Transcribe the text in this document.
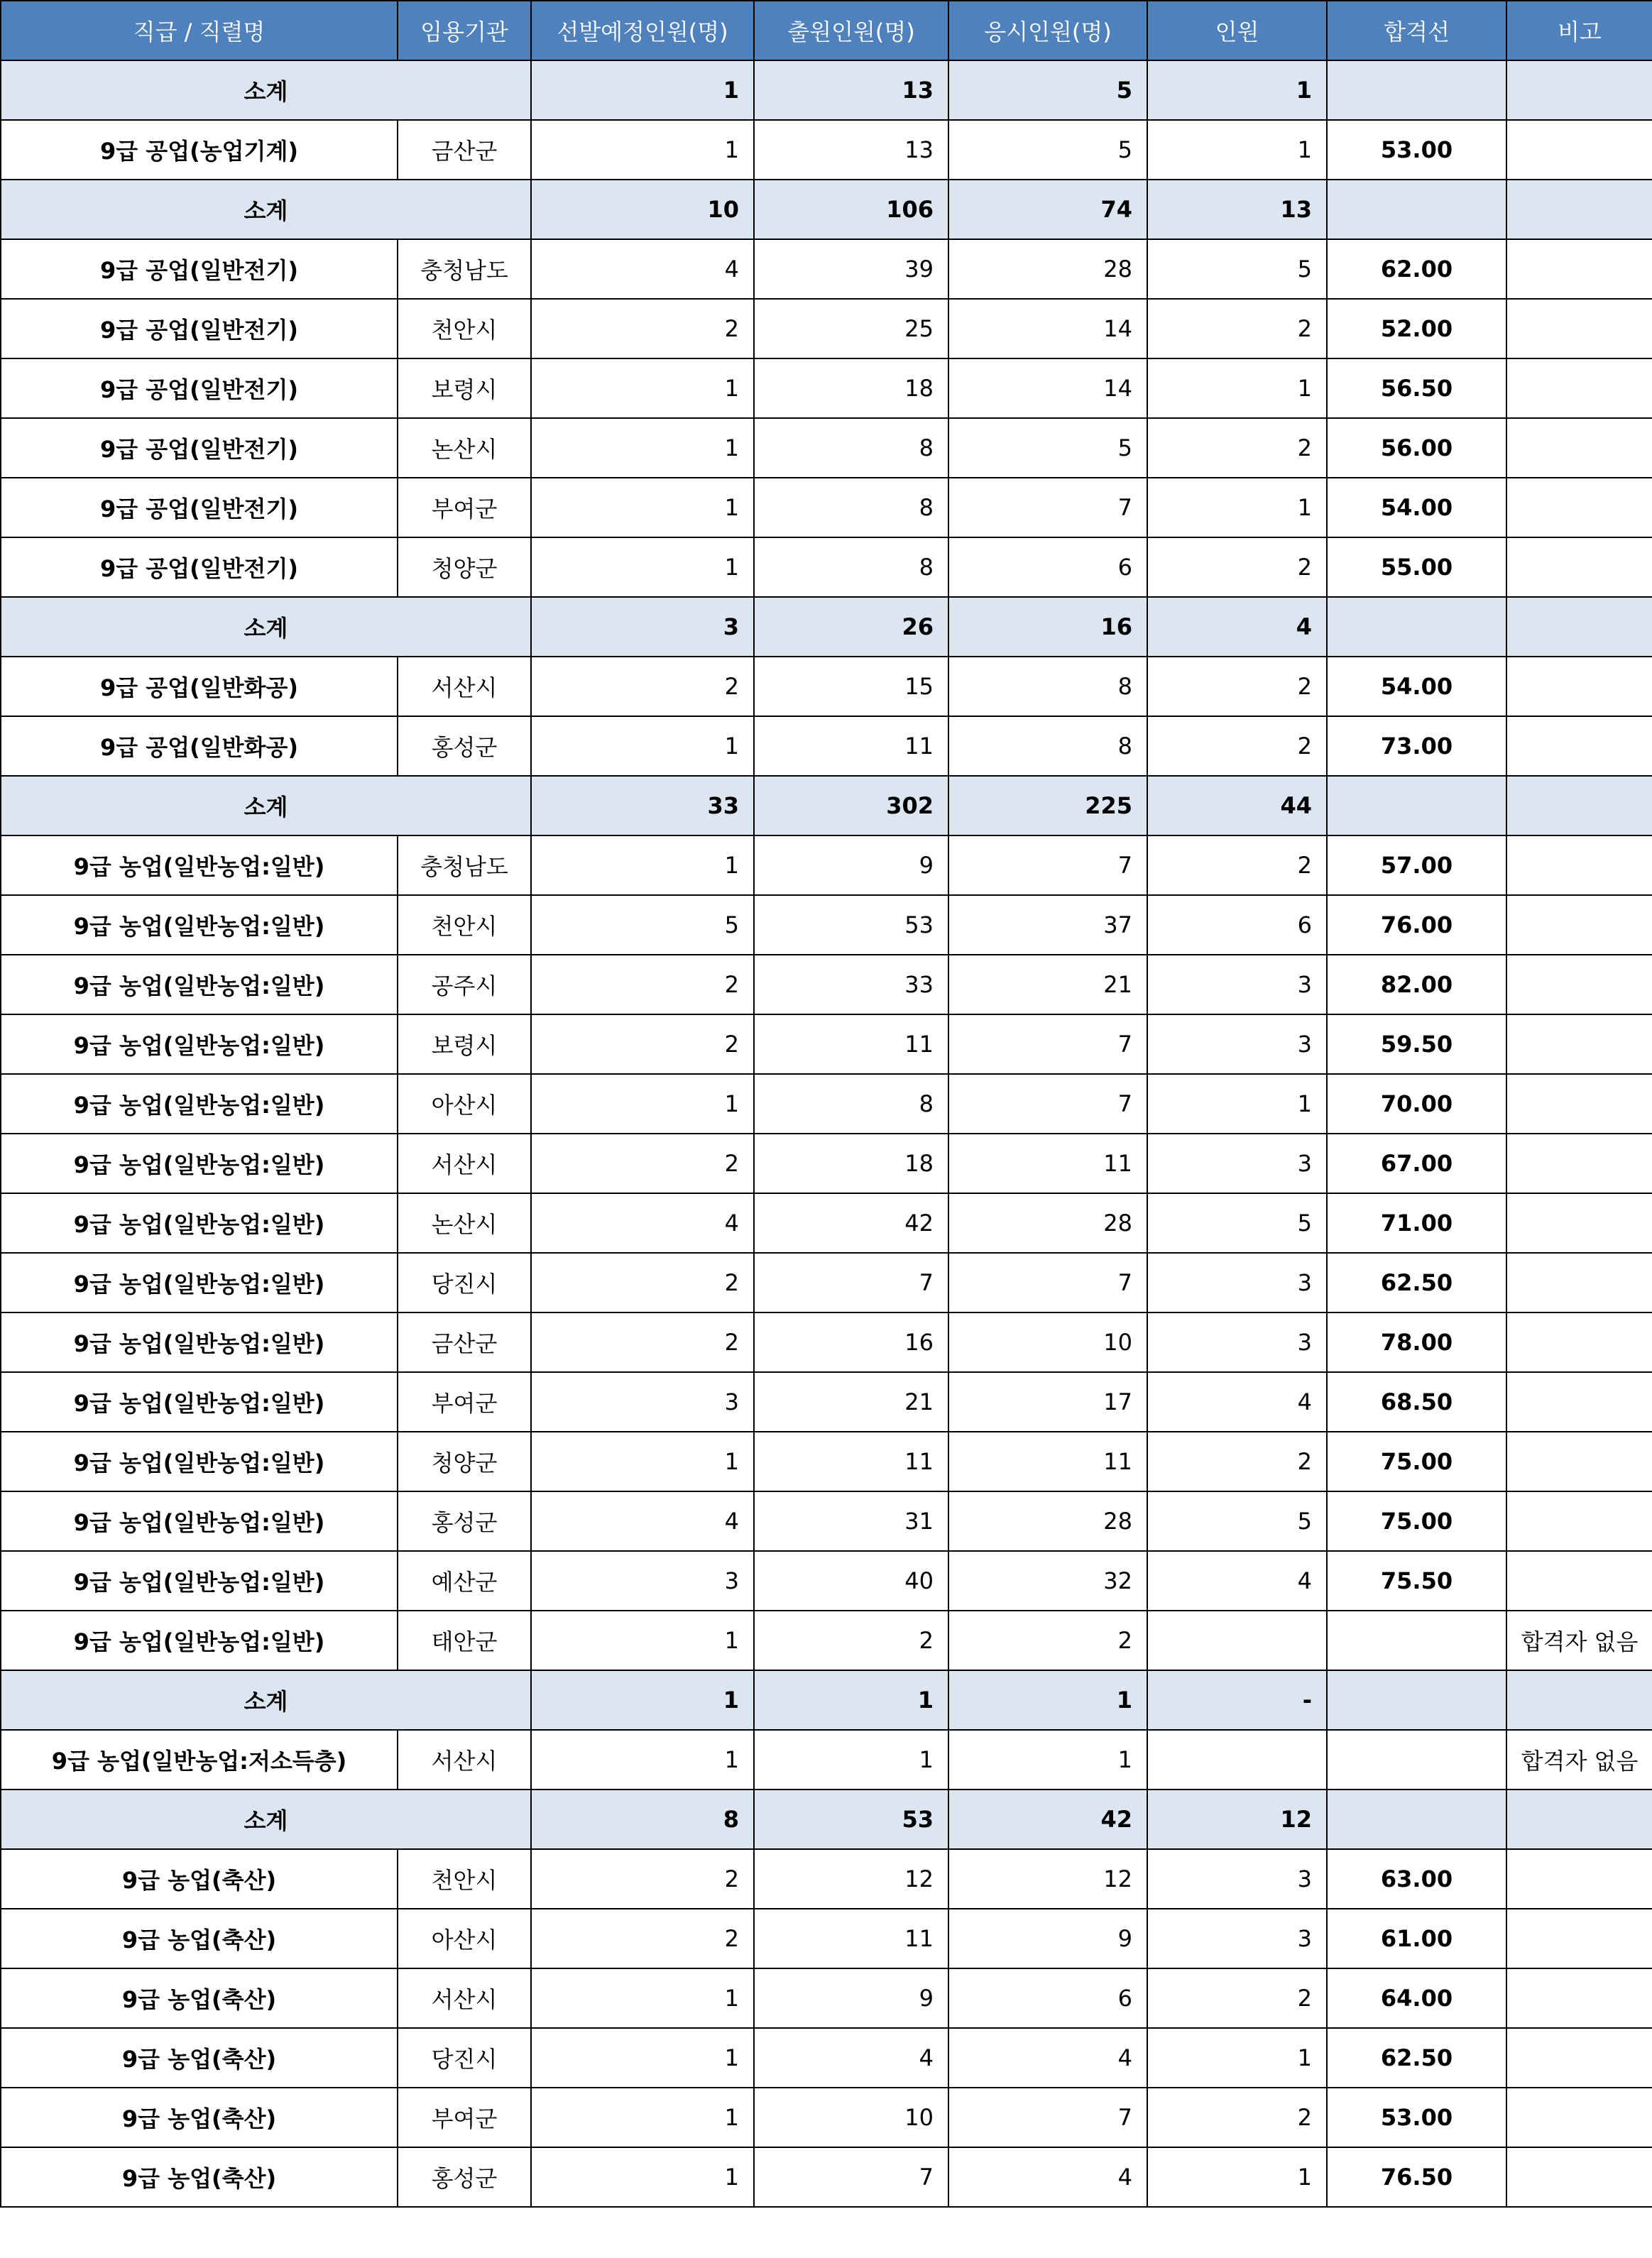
직급 / 직렬명	임용기관	선발예정인원(명)	출원인원(명)	응시인원(명)	인원	합격선	비고
소계		1	13	5	1		
9급 공업(농업기계)	금산군	1	13	5	1	53.00	
소계		10	106	74	13		
9급 공업(일반전기)	충청남도	4	39	28	5	62.00	
9급 공업(일반전기)	천안시	2	25	14	2	52.00	
9급 공업(일반전기)	보령시	1	18	14	1	56.50	
9급 공업(일반전기)	논산시	1	8	5	2	56.00	
9급 공업(일반전기)	부여군	1	8	7	1	54.00	
9급 공업(일반전기)	청양군	1	8	6	2	55.00	
소계		3	26	16	4		
9급 공업(일반화공)	서산시	2	15	8	2	54.00	
9급 공업(일반화공)	홍성군	1	11	8	2	73.00	
소계		33	302	225	44		
9급 농업(일반농업:일반)	충청남도	1	9	7	2	57.00	
9급 농업(일반농업:일반)	천안시	5	53	37	6	76.00	
9급 농업(일반농업:일반)	공주시	2	33	21	3	82.00	
9급 농업(일반농업:일반)	보령시	2	11	7	3	59.50	
9급 농업(일반농업:일반)	아산시	1	8	7	1	70.00	
9급 농업(일반농업:일반)	서산시	2	18	11	3	67.00	
9급 농업(일반농업:일반)	논산시	4	42	28	5	71.00	
9급 농업(일반농업:일반)	당진시	2	7	7	3	62.50	
9급 농업(일반농업:일반)	금산군	2	16	10	3	78.00	
9급 농업(일반농업:일반)	부여군	3	21	17	4	68.50	
9급 농업(일반농업:일반)	청양군	1	11	11	2	75.00	
9급 농업(일반농업:일반)	홍성군	4	31	28	5	75.00	
9급 농업(일반농업:일반)	예산군	3	40	32	4	75.50	
9급 농업(일반농업:일반)	태안군	1	2	2			합격자 없음
소계		1	1	1	-		
9급 농업(일반농업:저소득층)	서산시	1	1	1			합격자 없음
소계		8	53	42	12		
9급 농업(축산)	천안시	2	12	12	3	63.00	
9급 농업(축산)	아산시	2	11	9	3	61.00	
9급 농업(축산)	서산시	1	9	6	2	64.00	
9급 농업(축산)	당진시	1	4	4	1	62.50	
9급 농업(축산)	부여군	1	10	7	2	53.00	
9급 농업(축산)	홍성군	1	7	4	1	76.50	
